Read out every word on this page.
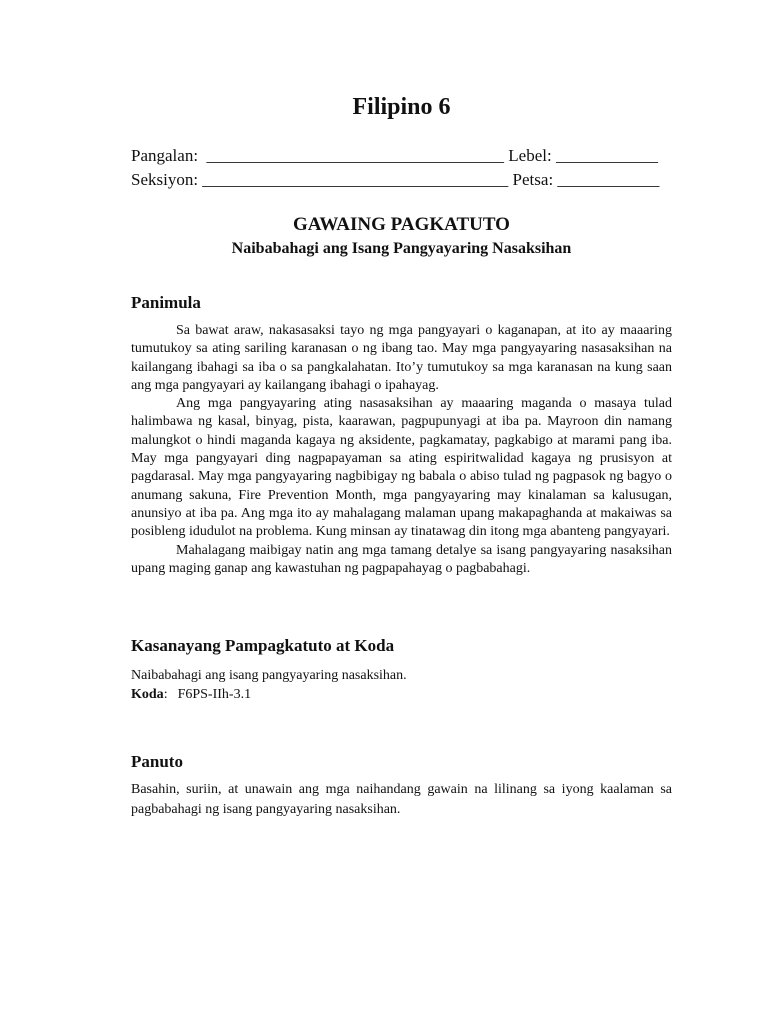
Filipino 6

Pangalan:  ___________________________________ Lebel: ____________

Seksiyon: ____________________________________ Petsa: ____________

GAWAING PAGKATUTO
Naibabahagi ang Isang Pangyayaring Nasaksihan
Panimula

Sa bawat araw, nakasasaksi tayo ng mga pangyayari o kaganapan, at ito ay maaaring tumutukoy sa ating sariling karanasan o ng ibang tao. May mga pangyayaring nasasaksihan na kailangang ibahagi sa iba o sa pangkalahatan. Ito’y tumutukoy sa mga karanasan na kung saan ang mga pangyayari ay kailangang ibahagi o ipahayag.

Ang mga pangyayaring ating nasasaksihan ay maaaring maganda o masaya tulad halimbawa ng kasal, binyag, pista, kaarawan, pagpupunyagi at iba pa. Mayroon din namang malungkot o hindi maganda kagaya ng aksidente, pagkamatay, pagkabigo at marami pang iba. May mga pangyayari ding nagpapayaman sa ating espiritwalidad kagaya ng prusisyon at pagdarasal. May mga pangyayaring nagbibigay ng babala o abiso tulad ng pagpasok ng bagyo o anumang sakuna, Fire Prevention Month, mga pangyayaring may kinalaman sa kalusugan, anunsiyo at iba pa. Ang mga ito ay mahalagang malaman upang makapaghanda at makaiwas sa posibleng idudulot na problema. Kung minsan ay tinatawag din itong mga abanteng pangyayari.

Mahalagang maibigay natin ang mga tamang detalye sa isang pangyayaring nasaksihan upang maging ganap ang kawastuhan ng pagpapahayag o pagbabahagi.

Kasanayang Pampagkatuto at Koda

Naibabahagi ang isang pangyayaring nasaksihan.

Koda: F6PS-IIh-3.1

Panuto

Basahin, suriin, at unawain ang mga naihandang gawain na lilinang sa iyong kaalaman sa pagbabahagi ng isang pangyayaring nasaksihan.
